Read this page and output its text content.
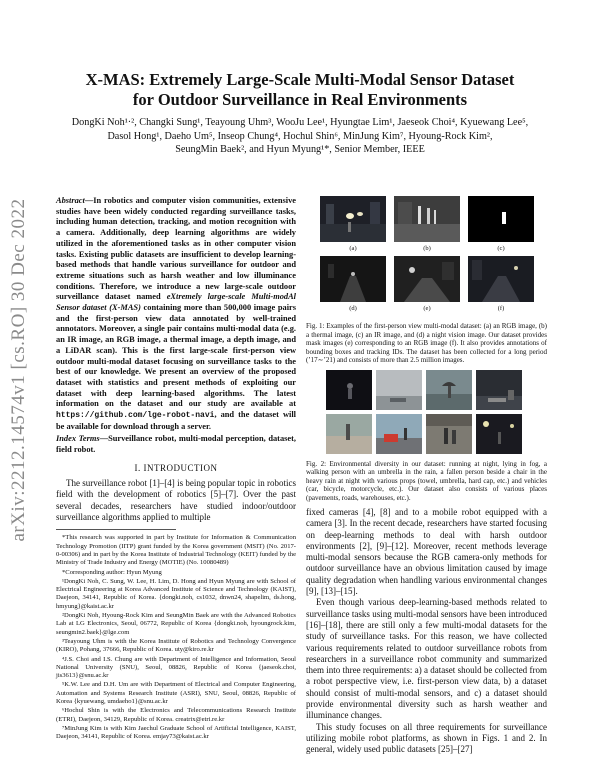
arXiv:2212.14574v1 [cs.RO] 30 Dec 2022
X-MAS: Extremely Large-Scale Multi-Modal Sensor Dataset
for Outdoor Surveillance in Real Environments
DongKi Noh¹·², Changki Sung¹, Teayoung Uhm³, WooJu Lee¹, Hyungtae Lim¹, Jaeseok Choi⁴, Kyuewang Lee⁵,
Dasol Hong¹, Daeho Um⁵, Inseop Chung⁴, Hochul Shin⁶, MinJung Kim⁷, Hyoung-Rock Kim²,
SeungMin Baek², and Hyun Myung¹*, Senior Member, IEEE
Abstract—In robotics and computer vision communities, extensive studies have been widely conducted regarding surveillance tasks, including human detection, tracking, and motion recognition with a camera. Additionally, deep learning algorithms are widely utilized in the aforementioned tasks as in other computer vision tasks. Existing public datasets are insufficient to develop learning-based methods that handle various surveillance for outdoor and extreme situations such as harsh weather and low illuminance conditions. Therefore, we introduce a new large-scale outdoor surveillance dataset named eXtremely large-scale Multi-modAl Sensor dataset (X-MAS) containing more than 500,000 image pairs and the first-person view data annotated by well-trained annotators. Moreover, a single pair contains multi-modal data (e.g. an IR image, an RGB image, a thermal image, a depth image, and a LiDAR scan). This is the first large-scale first-person view outdoor multi-modal dataset focusing on surveillance tasks to the best of our knowledge. We present an overview of the proposed dataset with statistics and present methods of exploiting our dataset with deep learning-based algorithms. The latest information on the dataset and our study are available at https://github.com/lge-robot-navi, and the dataset will be available for download through a server.
Index Terms—Surveillance robot, multi-modal perception, dataset, field robot.
I. INTRODUCTION

The surveillance robot [1]–[4] is being popular topic in robotics field with the development of robotics [5]–[7]. Over the past several decades, researchers have studied indoor/outdoor surveillance algorithms applied to multiple

*This research was supported in part by Institute for Information & Communication Technology Promotion (IITP) grant funded by the Korea government (MSIT) (No. 2017-0-00306) and in part by the Korea Institute of Industrial Technology (KEIT) funded by the Ministry of Trade Industry and Energy (MOTIE) (No. 10080489)

*Corresponding author: Hyun Myung

¹DongKi Noh, C. Sung, W. Lee, H. Lim, D. Hong and Hyun Myung are with School of Electrical Engineering at Korea Advanced Institute of Science and Technology (KAIST), Daejeon, 34141, Republic of Korea. {dongki.noh, cs1032, dnwn24, shapelim, ds.hong, hmyung}@kaist.ac.kr

²DongKi Noh, Hyoung-Rock Kim and SeungMin Baek are with the Advanced Robotics Lab at LG Electronics, Seoul, 06772, Republic of Korea {dongki.noh, hyoungrock.kim, seungmin2.baek}@lge.com

³Teayoung Uhm is with the Korea Institute of Robotics and Technology Convergence (KIRO), Pohang, 37666, Republic of Korea. uty@kiro.re.kr

⁴J.S. Choi and I.S. Chung are with Department of Intelligence and Information, Seoul National University (SNU), Seoul, 08826, Republic of Korea {jaeseok.choi, jis3613}@snu.ac.kr

⁵K.W. Lee and D.H. Um are with Department of Electrical and Computer Engineering, Automation and Systems Research Institute (ASRI), SNU, Seoul, 08826, Republic of Korea {kyuewang, umdaeho1}@snu.ac.kr

⁶Hochul Shin is with the Electronics and Telecommunications Research Institute (ETRI), Daejeon, 34129, Republic of Korea. creatrix@etri.re.kr

⁷MinJung Kim is with Kim Jaechul Graduate School of Artificial Intelligence, KAIST, Daejeon, 34141, Republic of Korea. emjay73@kaist.ac.kr

(a)	(b)	(c)
(d)	(e)	(f)
Fig. 1: Examples of the first-person view multi-modal dataset: (a) an RGB image, (b) a thermal image, (c) an IR image, and (d) a night vision image. Our dataset provides mask images (e) corresponding to an RGB image (f). It also provides annotations of bounding boxes and tracking IDs. The dataset has been collected for a long period (’17∼’21) and consists of more than 2.5 million images.
Fig. 2: Environmental diversity in our dataset: running at night, lying in fog, a walking person with an umbrella in the rain, a fallen person beside a chair in the heavy rain at night with various props (towel, umbrella, hard cap, etc.) and vehicles (car, bicycle, motorcycle, etc.). Our dataset also consists of various places (pavements, roads, warehouses, etc.).

fixed cameras [4], [8] and to a mobile robot equipped with a camera [3]. In the recent decade, researchers have started focusing on deep-learning methods to deal with harsh outdoor environments [2], [9]–[12]. Moreover, recent methods leverage multi-modal sensors because the RGB camera-only methods for outdoor surveillance have an obvious limitation caused by image quality degradation when handling various environmental changes [9], [13]–[15].

Even though various deep-learning-based methods related to surveillance tasks using multi-modal sensors have been introduced [16]–[18], there are still only a few multi-modal datasets for the study of surveillance tasks. For this reason, we have collected various requirements related to outdoor surveillance robots from researchers in a surveillance robot community and summarized them into three requirements: a) a dataset should be collected from a robot perspective view, i.e. first-person view data, b) a dataset should consist of multi-modal sensors, and c) a dataset should provide environmental diversity such as harsh weather and illuminance changes.

This study focuses on all three requirements for surveillance utilizing mobile robot platforms, as shown in Figs. 1 and 2. In general, widely used public datasets [25]–[27]
